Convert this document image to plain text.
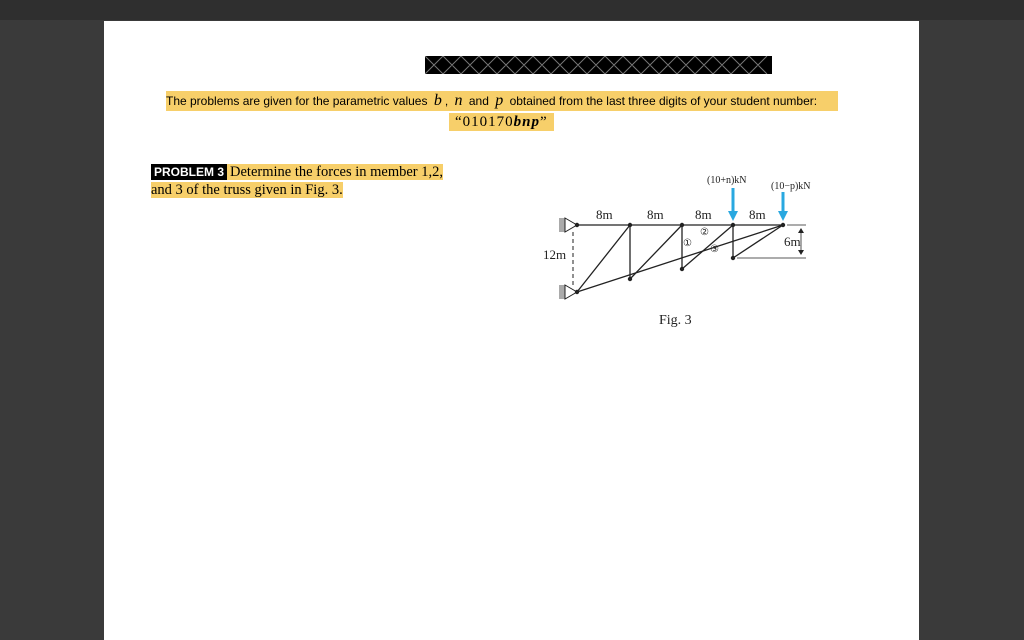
The problems are given for the parametric values b , n and p obtained from the last three digits of your student number:
“010170bnp”
PROBLEM 3 Determine the forces in member 1,2,
and 3 of the truss given in Fig. 3.
(10+n)kN
(10−p)kN
8m	8m 8m	8m
12m
6m
①
②
③
Fig. 3
